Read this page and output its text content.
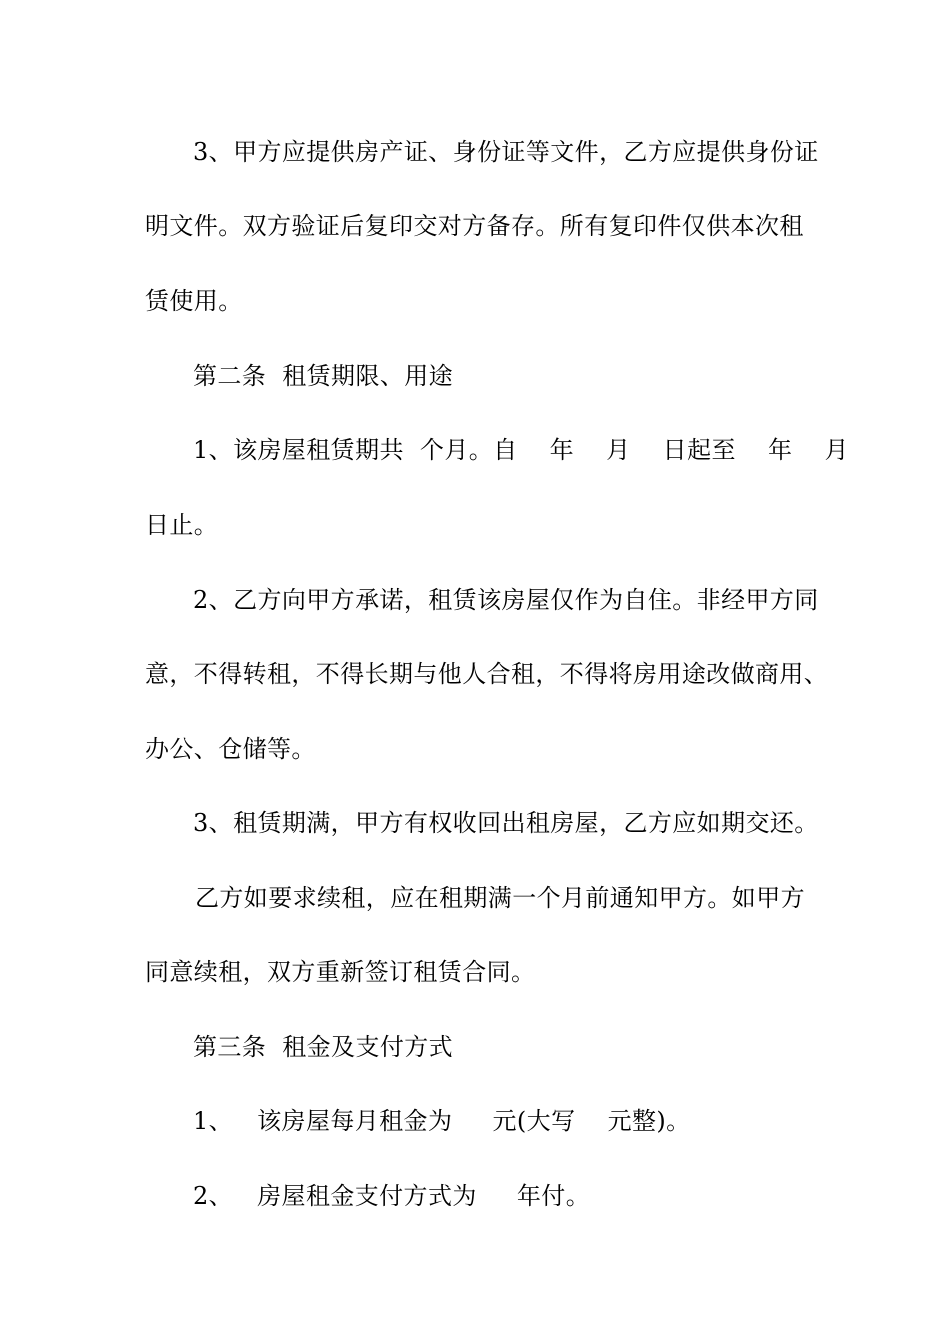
3、甲方应提供房产证、身份证等文件，乙方应提供身份证
明文件。双方验证后复印交对方备存。所有复印件仅供本次租
赁使用。
第二条  租赁期限、用途
1、该房屋租赁期共  个月。自    年    月    日起至    年    月
日止。
2、乙方向甲方承诺，租赁该房屋仅作为自住。非经甲方同
意，不得转租，不得长期与他人合租，不得将房用途改做商用、
办公、仓储等。
3、租赁期满，甲方有权收回出租房屋，乙方应如期交还。
乙方如要求续租，应在租期满一个月前通知甲方。如甲方
同意续租，双方重新签订租赁合同。
第三条  租金及支付方式
1、   该房屋每月租金为     元(大写    元整)。
2、   房屋租金支付方式为     年付。
